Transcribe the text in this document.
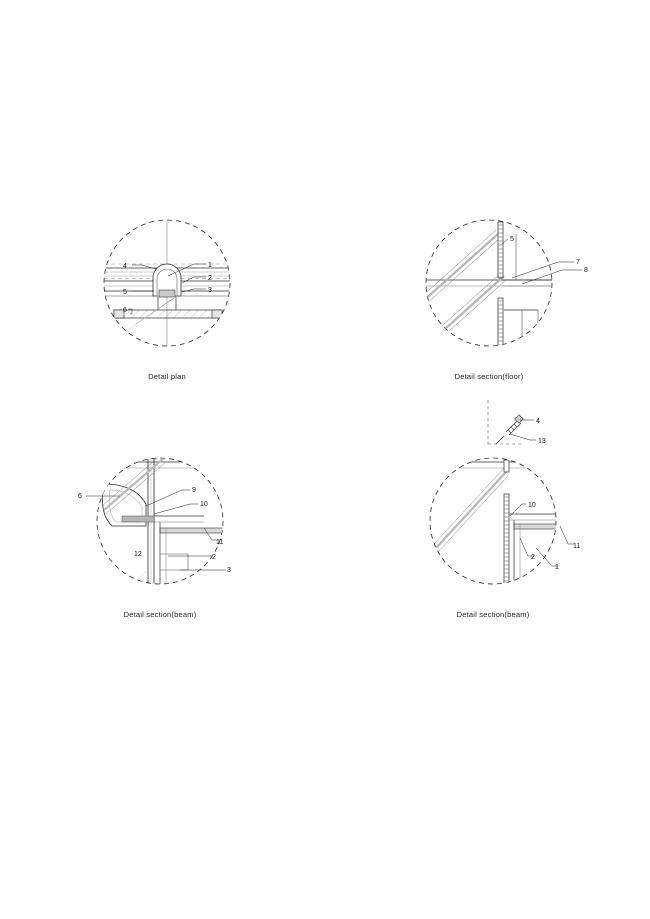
1
2
3
4
5
6
5
7
8
6
9
10
11
12	2
3
4
13
10
11
2
1
Detail plan	Detail section(floor)
Detail section(beam)	Detail section(beam)
